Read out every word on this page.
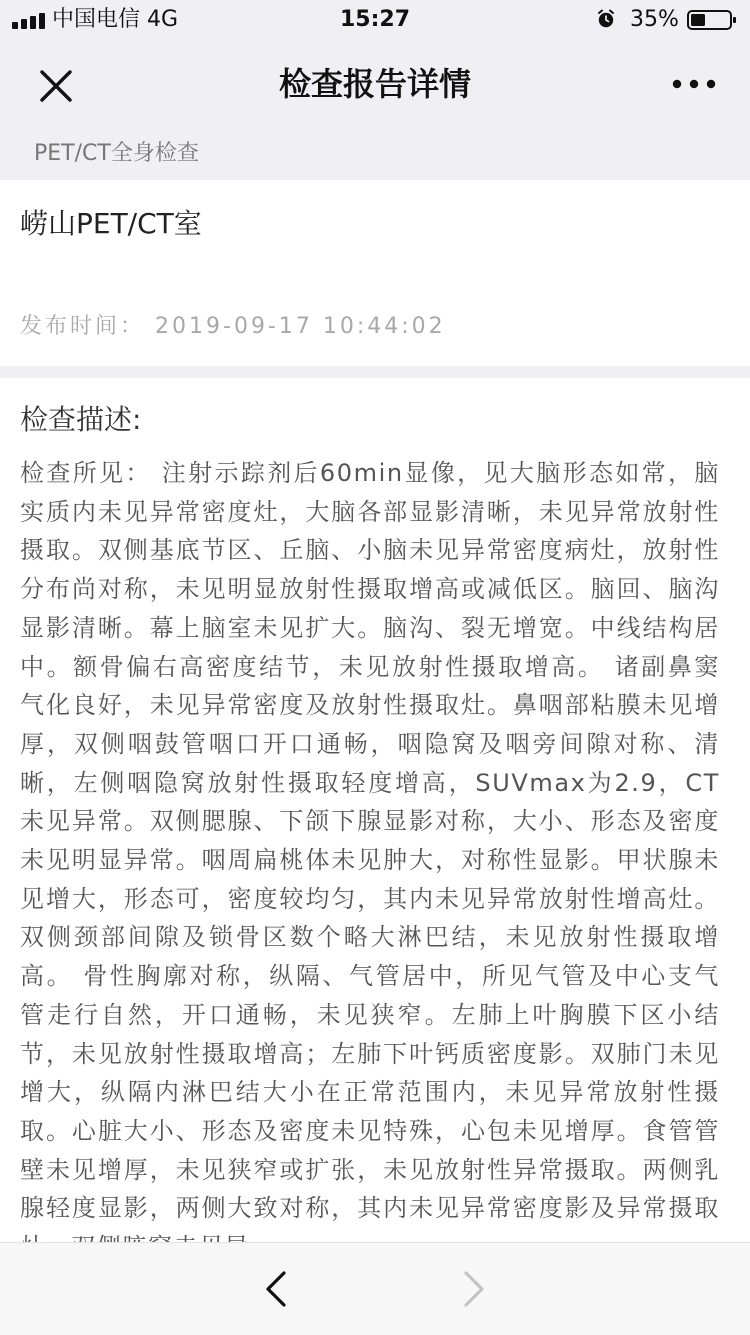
中国电信 4G	15:27	35%
检查报告详情
PET/CT全身检查
崂山PET/CT室
发布时间： 2019-09-17 10:44:02
检查描述:
检查所见： 注射示踪剂后60min显像，见大脑形态如常，脑实质内未见异常密度灶，大脑各部显影清晰，未见异常放射性摄取。双侧基底节区、丘脑、小脑未见异常密度病灶，放射性分布尚对称，未见明显放射性摄取增高或减低区。脑回、脑沟显影清晰。幕上脑室未见扩大。脑沟、裂无增宽。中线结构居中。额骨偏右高密度结节，未见放射性摄取增高。 诸副鼻窦气化良好，未见异常密度及放射性摄取灶。鼻咽部粘膜未见增厚，双侧咽鼓管咽口开口通畅，咽隐窝及咽旁间隙对称、清晰，左侧咽隐窝放射性摄取轻度增高，SUVmax为2.9，CT未见异常。双侧腮腺、下颌下腺显影对称，大小、形态及密度未见明显异常。咽周扁桃体未见肿大，对称性显影。甲状腺未见增大，形态可，密度较均匀，其内未见异常放射性增高灶。双侧颈部间隙及锁骨区数个略大淋巴结，未见放射性摄取增高。 骨性胸廓对称，纵隔、气管居中，所见气管及中心支气管走行自然，开口通畅，未见狭窄。左肺上叶胸膜下区小结节，未见放射性摄取增高；左肺下叶钙质密度影。双肺门未见增大，纵隔内淋巴结大小在正常范围内，未见异常放射性摄取。心脏大小、形态及密度未见特殊，心包未见增厚。食管管壁未见增厚，未见狭窄或扩张，未见放射性异常摄取。两侧乳腺轻度显影，两侧大致对称，其内未见异常密度影及异常摄取
